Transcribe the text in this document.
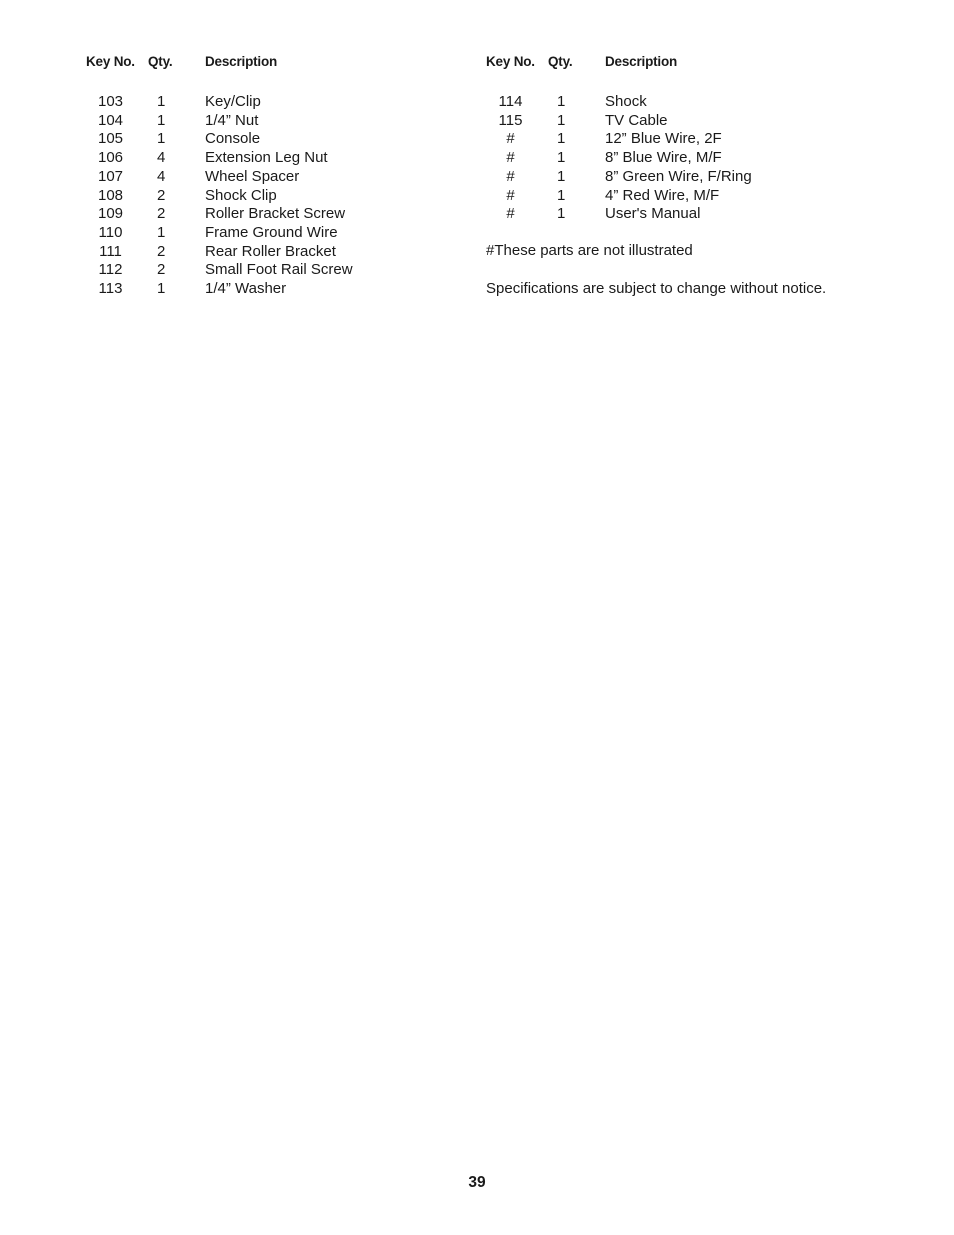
Key No.	Qty.	Description

103	1	Key/Clip
104	1	1/4” Nut
105	1	Console
106	4	Extension Leg Nut
107	4	Wheel Spacer
108	2	Shock Clip
109	2	Roller Bracket Screw
110	1	Frame Ground Wire
111	2	Rear Roller Bracket
112	2	Small Foot Rail Screw
113	1	1/4” Washer
Key No.	Qty.	Description

114	1	Shock
115	1	TV Cable
#	1	12” Blue Wire, 2F
#	1	8” Blue Wire, M/F
#	1	8” Green Wire, F/Ring
#	1	4” Red Wire, M/F
#	1	User's Manual

#These parts are not illustrated

Specifications are subject to change without notice.

39
